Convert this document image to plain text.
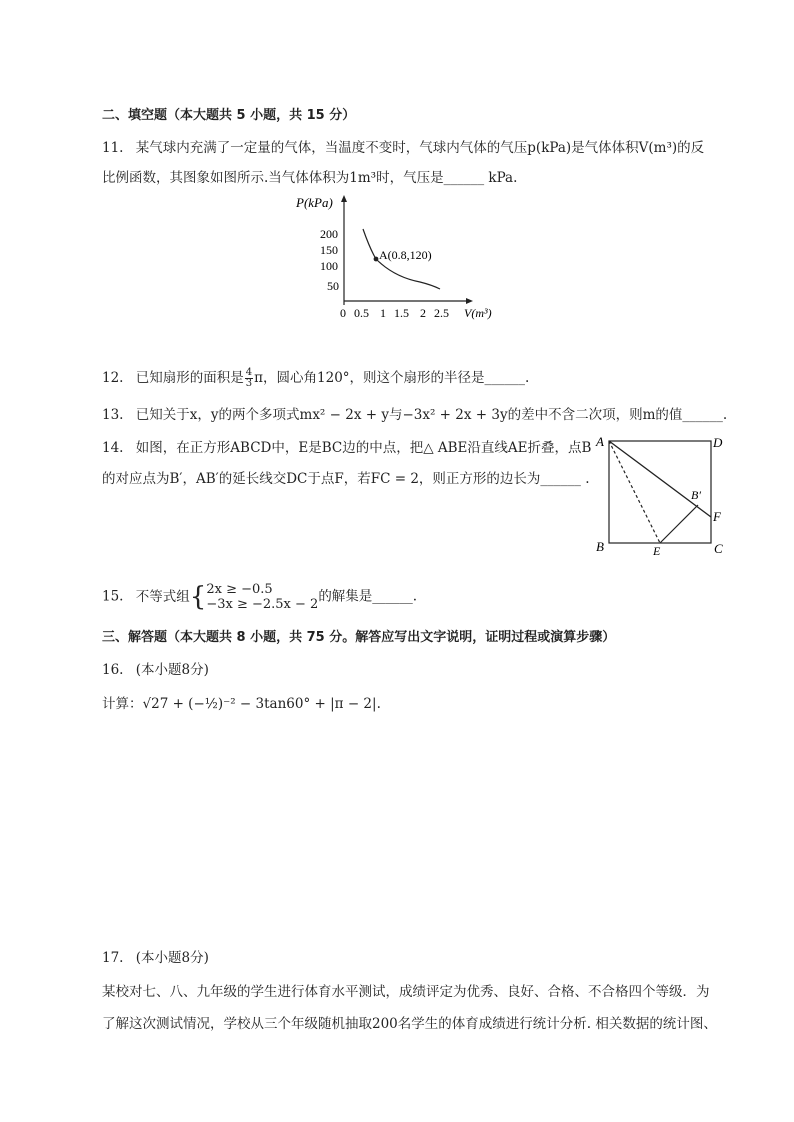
二、填空题（本大题共 5 小题，共 15 分）
11. 某气球内充满了一定量的气体，当温度不变时，气球内气体的气压p(kPa)是气体体积V(m³)的反
比例函数，其图象如图所示.当气体体积为1m³时，气压是______ kPa.
P(kPa)
200
150
100
50
0 0.5 1 1.5 2 2.5 V(m³)
A(0.8,120)
12. 已知扇形的面积是 $\frac{4}{3}$ π，圆心角120°，则这个扇形的半径是______.
13. 已知关于x，y的两个多项式mx² − 2x + y与−3x² + 2x + 3y的差中不含二次项，则m的值______.
14. 如图，在正方形ABCD中，E是BC边的中点，把△ ABE沿直线AE折叠，点B
的对应点为B′，AB′的延长线交DC于点F，若FC = 2，则正方形的边长为______ .
A	D
B	C
E
F
B′
15. 不等式组{ 2x ≥ −0.5
−3x ≥ −2.5x − 2 的解集是______.
三、解答题（本大题共 8 小题，共 75 分。解答应写出文字说明，证明过程或演算步骤）
16. (本小题8分)
计算：√27 + (−½)⁻² − 3tan60° + |π − 2|.
17. (本小题8分)
某校对七、八、九年级的学生进行体育水平测试，成绩评定为优秀、良好、合格、不合格四个等级．为
了解这次测试情况，学校从三个年级随机抽取200名学生的体育成绩进行统计分析. 相关数据的统计图、
